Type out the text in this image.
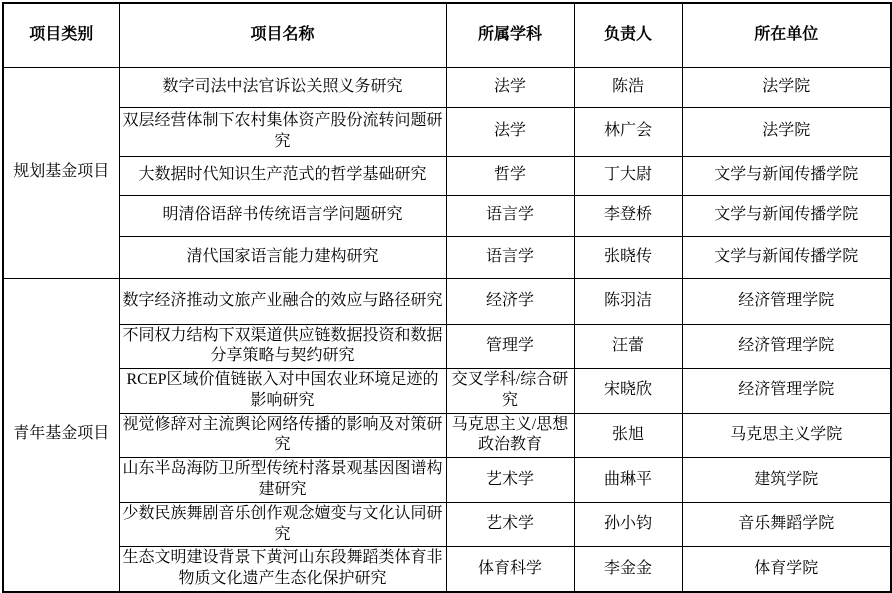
项目类别	项目名称	所属学科	负责人	所在单位
规划基金项目	数字司法中法官诉讼关照义务研究	法学	陈浩	法学院
	双层经营体制下农村集体资产股份流转问题研究	法学	林广会	法学院
	大数据时代知识生产范式的哲学基础研究	哲学	丁大尉	文学与新闻传播学院
	明清俗语辞书传统语言学问题研究	语言学	李登桥	文学与新闻传播学院
	清代国家语言能力建构研究	语言学	张晓传	文学与新闻传播学院
青年基金项目	数字经济推动文旅产业融合的效应与路径研究	经济学	陈羽洁	经济管理学院
	不同权力结构下双渠道供应链数据投资和数据分享策略与契约研究	管理学	汪蕾	经济管理学院
	RCEP区域价值链嵌入对中国农业环境足迹的影响研究	交叉学科/综合研究	宋晓欣	经济管理学院
	视觉修辞对主流舆论网络传播的影响及对策研究	马克思主义/思想政治教育	张旭	马克思主义学院
	山东半岛海防卫所型传统村落景观基因图谱构建研究	艺术学	曲琳平	建筑学院
	少数民族舞剧音乐创作观念嬗变与文化认同研究	艺术学	孙小钧	音乐舞蹈学院
	生态文明建设背景下黄河山东段舞蹈类体育非物质文化遗产生态化保护研究	体育科学	李金金	体育学院
